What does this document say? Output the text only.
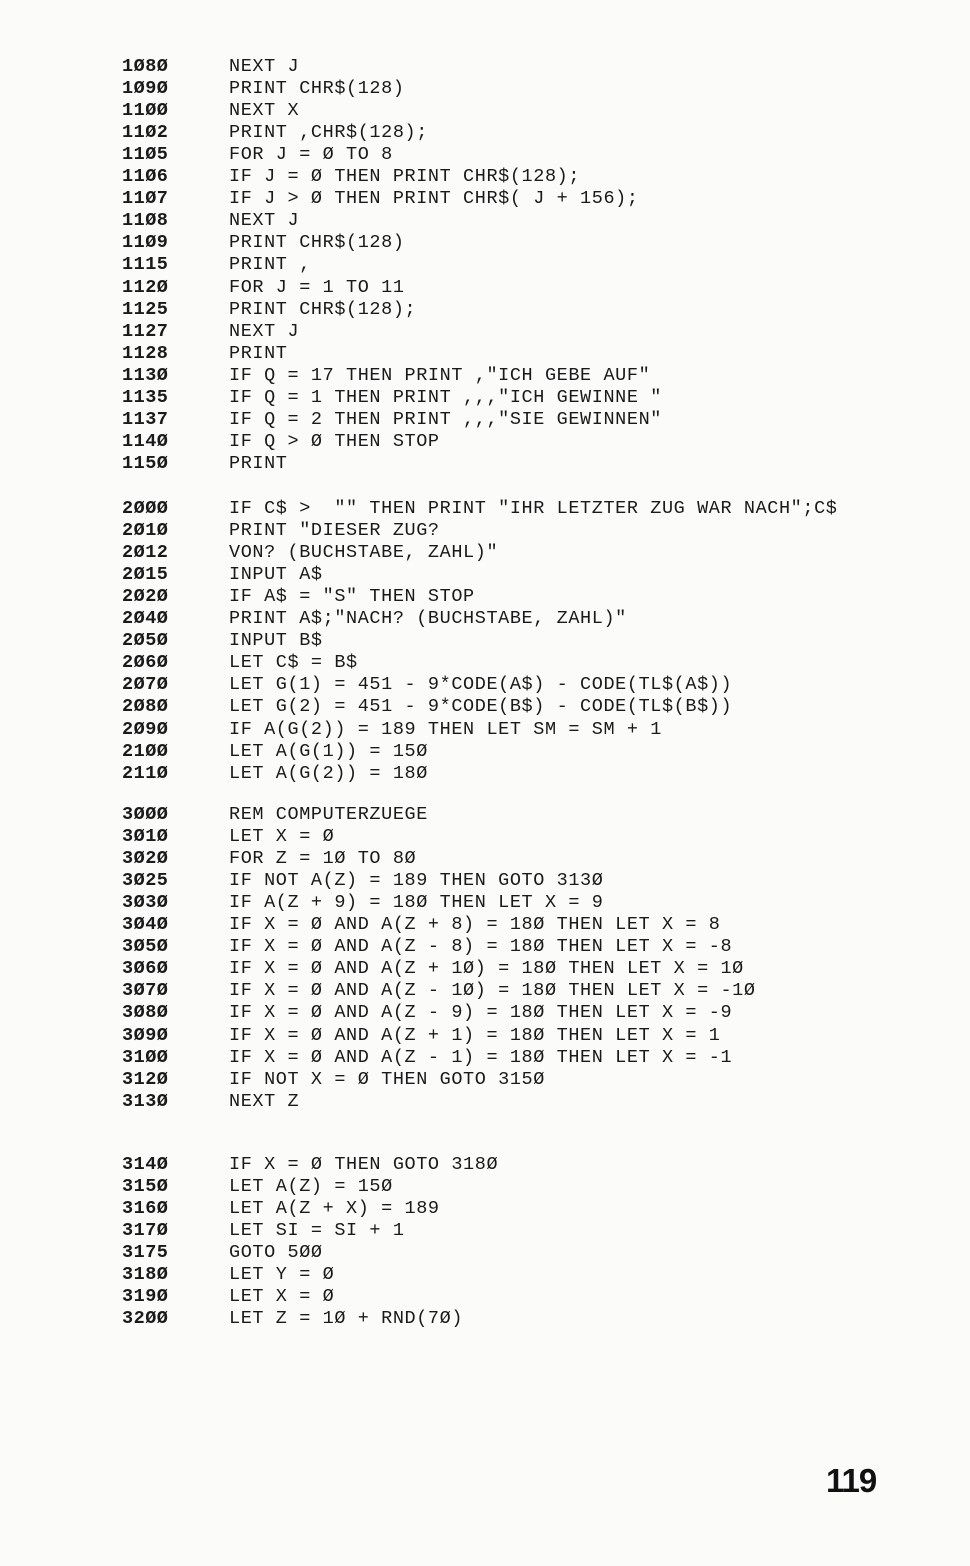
1Ø8Ø	NEXT J
1Ø9Ø	PRINT CHR$(128)
11ØØ	NEXT X
11Ø2	PRINT ,CHR$(128);
11Ø5	FOR J = Ø TO 8
11Ø6	IF J = Ø THEN PRINT CHR$(128);
11Ø7	IF J > Ø THEN PRINT CHR$( J + 156);
11Ø8	NEXT J
11Ø9	PRINT CHR$(128)
1115	PRINT ,
112Ø	FOR J = 1 TO 11
1125	PRINT CHR$(128);
1127	NEXT J
1128	PRINT
113Ø	IF Q = 17 THEN PRINT ,"ICH GEBE AUF"
1135	IF Q = 1 THEN PRINT ,,,"ICH GEWINNE "
1137	IF Q = 2 THEN PRINT ,,,"SIE GEWINNEN"
114Ø	IF Q > Ø THEN STOP
115Ø	PRINT
2ØØØ	IF C$ >  "" THEN PRINT "IHR LETZTER ZUG WAR NACH";C$
2Ø1Ø	PRINT "DIESER ZUG?
2Ø12	VON? (BUCHSTABE, ZAHL)"
2Ø15	INPUT A$
2Ø2Ø	IF A$ = "S" THEN STOP
2Ø4Ø	PRINT A$;"NACH? (BUCHSTABE, ZAHL)"
2Ø5Ø	INPUT B$
2Ø6Ø	LET C$ = B$
2Ø7Ø	LET G(1) = 451 - 9*CODE(A$) - CODE(TL$(A$))
2Ø8Ø	LET G(2) = 451 - 9*CODE(B$) - CODE(TL$(B$))
2Ø9Ø	IF A(G(2)) = 189 THEN LET SM = SM + 1
21ØØ	LET A(G(1)) = 15Ø
211Ø	LET A(G(2)) = 18Ø
3ØØØ	REM COMPUTERZUEGE
3Ø1Ø	LET X = Ø
3Ø2Ø	FOR Z = 1Ø TO 8Ø
3Ø25	IF NOT A(Z) = 189 THEN GOTO 313Ø
3Ø3Ø	IF A(Z + 9) = 18Ø THEN LET X = 9
3Ø4Ø	IF X = Ø AND A(Z + 8) = 18Ø THEN LET X = 8
3Ø5Ø	IF X = Ø AND A(Z - 8) = 18Ø THEN LET X = -8
3Ø6Ø	IF X = Ø AND A(Z + 1Ø) = 18Ø THEN LET X = 1Ø
3Ø7Ø	IF X = Ø AND A(Z - 1Ø) = 18Ø THEN LET X = -1Ø
3Ø8Ø	IF X = Ø AND A(Z - 9) = 18Ø THEN LET X = -9
3Ø9Ø	IF X = Ø AND A(Z + 1) = 18Ø THEN LET X = 1
31ØØ	IF X = Ø AND A(Z - 1) = 18Ø THEN LET X = -1
312Ø	IF NOT X = Ø THEN GOTO 315Ø
313Ø	NEXT Z
314Ø	IF X = Ø THEN GOTO 318Ø
315Ø	LET A(Z) = 15Ø
316Ø	LET A(Z + X) = 189
317Ø	LET SI = SI + 1
3175	GOTO 5ØØ
318Ø	LET Y = Ø
319Ø	LET X = Ø
32ØØ	LET Z = 1Ø + RND(7Ø)
119
